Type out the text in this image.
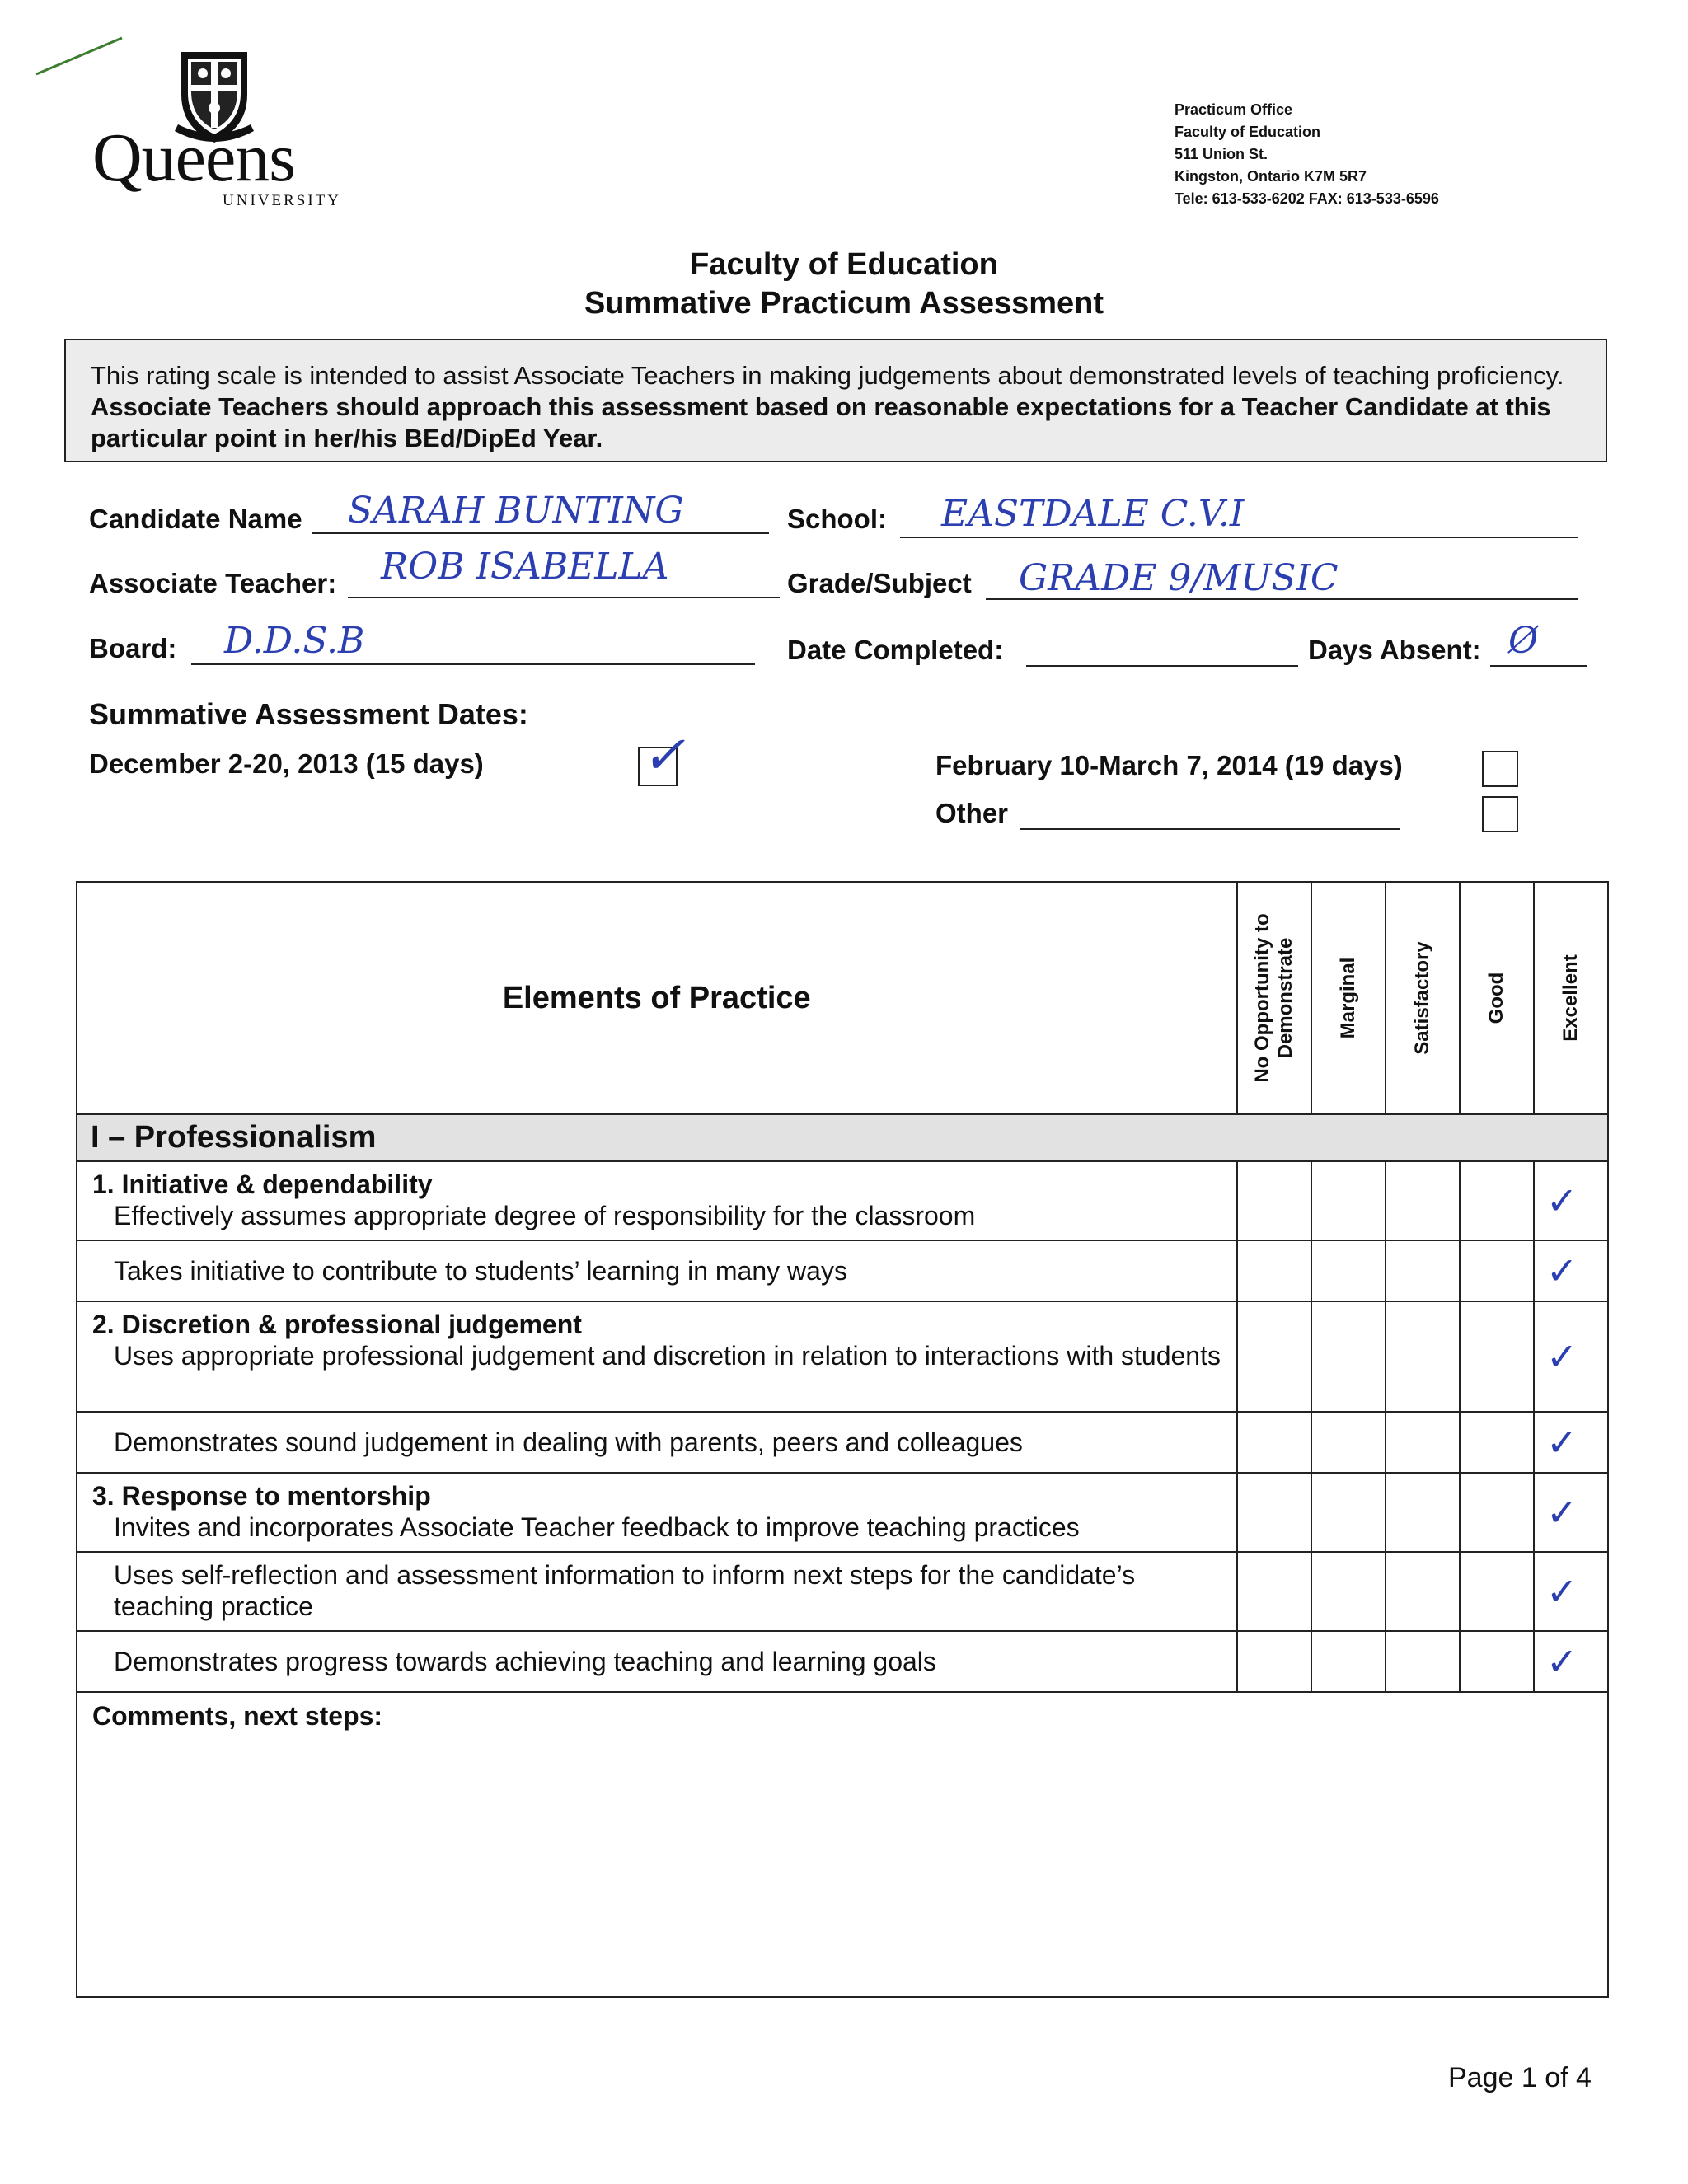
Queens
UNIVERSITY
Practicum Office
Faculty of Education
511 Union St.
Kingston, Ontario K7M 5R7
Tele: 613-533-6202 FAX: 613-533-6596
Faculty of Education
Summative Practicum Assessment
This rating scale is intended to assist Associate Teachers in making judgements about demonstrated levels of teaching proficiency.   Associate Teachers should approach this assessment based on reasonable expectations for a Teacher Candidate at this particular point in her/his BEd/DipEd Year.
Candidate Name SARAH BUNTING	School: EASTDALE C.V.I
Associate Teacher: ROB ISABELLA	Grade/Subject GRADE 9/MUSIC
Board: D.D.S.B	Date Completed:	Days Absent: Ø
Summative Assessment Dates:
December 2-20, 2013 (15 days)	✓	February 10-March 7, 2014 (19 days)
Other
Elements of Practice	No Opportunity to
Demonstrate	Marginal	Satisfactory	Good	Excellent

I – Professionalism					

1. Initiative & dependability
Effectively assumes appropriate degree of responsibility for the classroom					✓

Takes initiative to contribute to students’ learning in many ways					✓

2. Discretion & professional judgement
Uses appropriate professional judgement and discretion in relation to interactions with students					✓

Demonstrates sound judgement in dealing with parents, peers and colleagues					✓

3. Response to mentorship
Invites and incorporates Associate Teacher feedback to improve teaching practices					✓

Uses self-reflection and assessment information to inform next steps for the candidate’s teaching practice					✓

Demonstrates progress towards achieving teaching and learning goals					✓

Comments, next steps:					
Page 1 of 4
